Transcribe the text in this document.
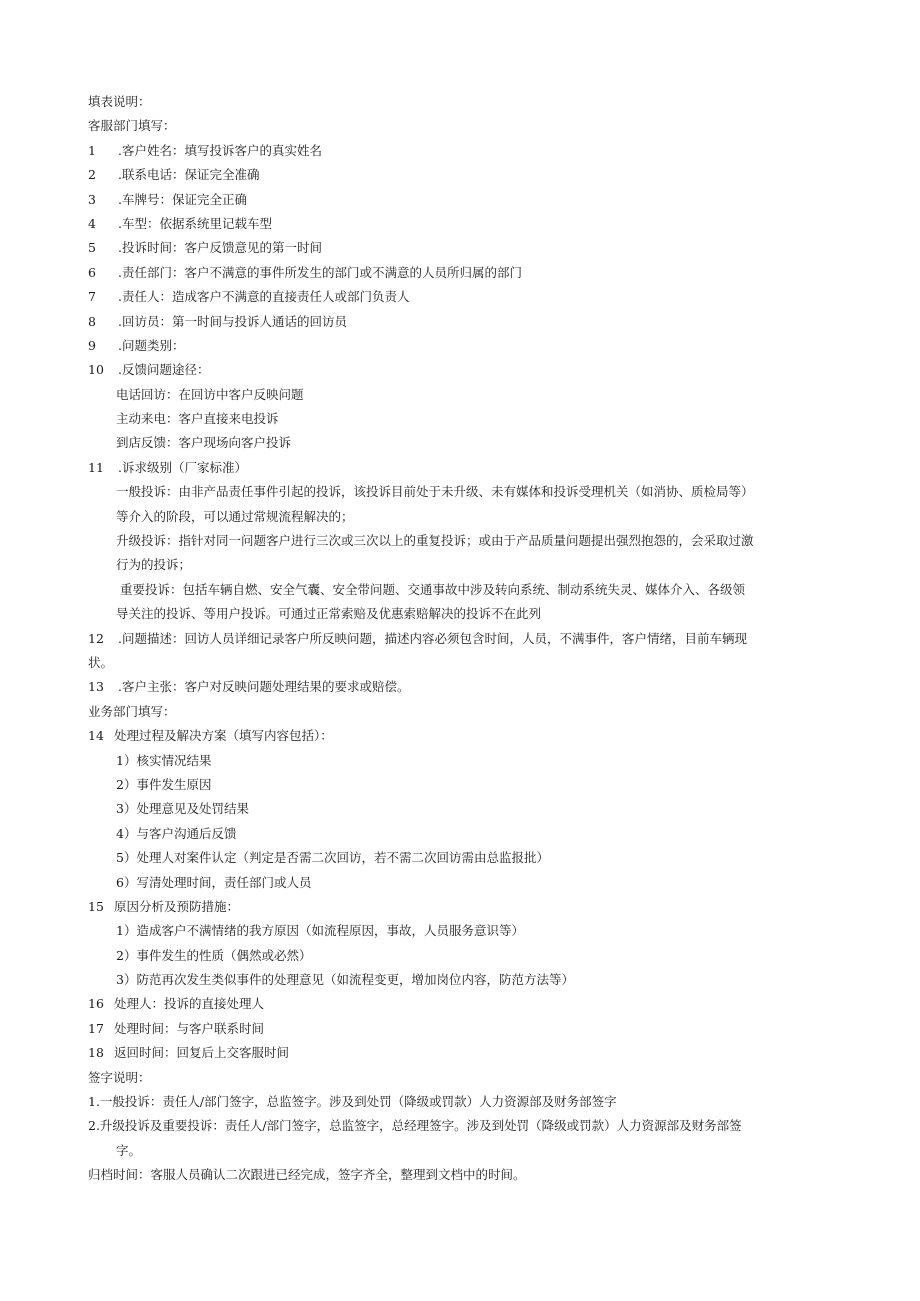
填表说明：
客服部门填写：
1 .客户姓名：填写投诉客户的真实姓名
2 .联系电话：保证完全准确
3 .车牌号：保证完全正确
4 .车型：依据系统里记载车型
5 .投诉时间：客户反馈意见的第一时间
6 .责任部门：客户不满意的事件所发生的部门或不满意的人员所归属的部门
7 .责任人：造成客户不满意的直接责任人或部门负责人
8 .回访员：第一时间与投诉人通话的回访员
9 .问题类别：
10 .反馈问题途径：
电话回访：在回访中客户反映问题
主动来电：客户直接来电投诉
到店反馈：客户现场向客户投诉
11 .诉求级别（厂家标准）
一般投诉：由非产品责任事件引起的投诉，该投诉目前处于未升级、未有媒体和投诉受理机关（如消协、质检局等）
等介入的阶段，可以通过常规流程解决的；
升级投诉：指针对同一问题客户进行三次或三次以上的重复投诉；或由于产品质量问题提出强烈抱怨的，会采取过激
行为的投诉；
重要投诉：包括车辆自燃、安全气囊、安全带问题、交通事故中涉及转向系统、制动系统失灵、媒体介入、各级领
导关注的投诉、等用户投诉。可通过正常索赔及优惠索赔解决的投诉不在此列
12 .问题描述：回访人员详细记录客户所反映问题，描述内容必须包含时间，人员，不满事件，客户情绪，目前车辆现
状。
13 .客户主张：客户对反映问题处理结果的要求或赔偿。
业务部门填写：
14 处理过程及解决方案（填写内容包括）：
1）核实情况结果
2）事件发生原因
3）处理意见及处罚结果
4）与客户沟通后反馈
5）处理人对案件认定（判定是否需二次回访，若不需二次回访需由总监报批）
6）写清处理时间，责任部门或人员
15 原因分析及预防措施：
1）造成客户不满情绪的我方原因（如流程原因，事故，人员服务意识等）
2）事件发生的性质（偶然或必然）
3）防范再次发生类似事件的处理意见（如流程变更，增加岗位内容，防范方法等）
16 处理人：投诉的直接处理人
17 处理时间：与客户联系时间
18 返回时间：回复后上交客服时间
签字说明：
1.一般投诉：责任人/部门签字，总监签字。涉及到处罚（降级或罚款）人力资源部及财务部签字
2.升级投诉及重要投诉：责任人/部门签字，总监签字，总经理签字。涉及到处罚（降级或罚款）人力资源部及财务部签
字。
归档时间：客服人员确认二次跟进已经完成，签字齐全，整理到文档中的时间。
